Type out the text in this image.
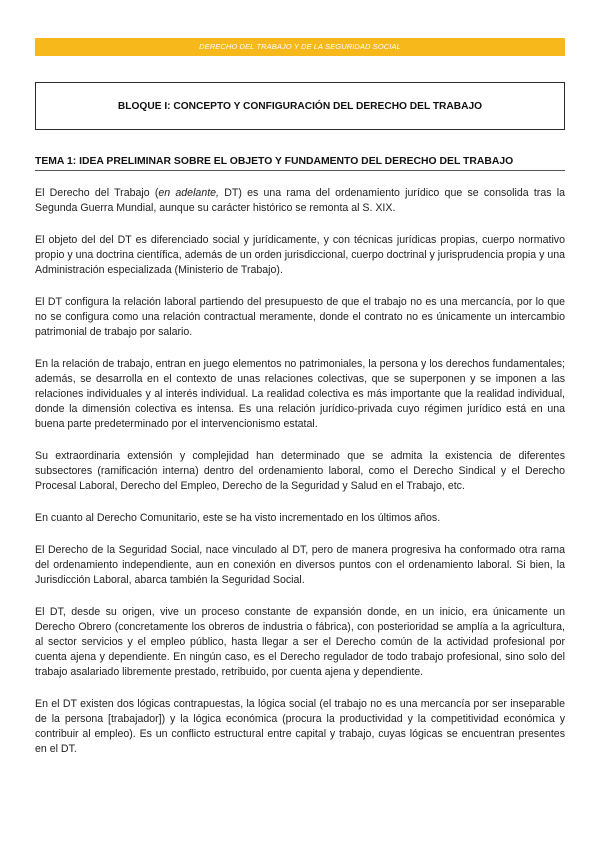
DERECHO DEL TRABAJO Y DE LA SEGURIDAD SOCIAL
BLOQUE I: CONCEPTO Y CONFIGURACIÓN DEL DERECHO DEL TRABAJO
TEMA 1: IDEA PRELIMINAR SOBRE EL OBJETO Y FUNDAMENTO DEL DERECHO DEL TRABAJO

El Derecho del Trabajo (en adelante, DT) es una rama del ordenamiento jurídico que se consolida tras la Segunda Guerra Mundial, aunque su carácter histórico se remonta al S. XIX.

El objeto del del DT es diferenciado social y jurídicamente, y con técnicas jurídicas propias, cuerpo normativo propio y una doctrina científica, además de un orden jurisdiccional, cuerpo doctrinal y jurisprudencia propia y una Administración especializada (Ministerio de Trabajo).

El DT configura la relación laboral partiendo del presupuesto de que el trabajo no es una mercancía, por lo que no se configura como una relación contractual meramente, donde el contrato no es únicamente un intercambio patrimonial de trabajo por salario.

En la relación de trabajo, entran en juego elementos no patrimoniales, la persona y los derechos fundamentales; además, se desarrolla en el contexto de unas relaciones colectivas, que se superponen y se imponen a las relaciones individuales y al interés individual. La realidad colectiva es más importante que la realidad individual, donde la dimensión colectiva es intensa. Es una relación jurídico-privada cuyo régimen jurídico está en una buena parte predeterminado por el intervencionismo estatal.

Su extraordinaria extensión y complejidad han determinado que se admita la existencia de diferentes subsectores (ramificación interna) dentro del ordenamiento laboral, como el Derecho Sindical y el Derecho Procesal Laboral, Derecho del Empleo, Derecho de la Seguridad y Salud en el Trabajo, etc.

En cuanto al Derecho Comunitario, este se ha visto incrementado en los últimos años.

El Derecho de la Seguridad Social, nace vinculado al DT, pero de manera progresiva ha conformado otra rama del ordenamiento independiente, aun en conexión en diversos puntos con el ordenamiento laboral. Si bien, la Jurisdicción Laboral, abarca también la Seguridad Social.

El DT, desde su origen, vive un proceso constante de expansión donde, en un inicio, era únicamente un Derecho Obrero (concretamente los obreros de industria o fábrica), con posterioridad se amplía a la agricultura, al sector servicios y el empleo público, hasta llegar a ser el Derecho común de la actividad profesional por cuenta ajena y dependiente. En ningún caso, es el Derecho regulador de todo trabajo profesional, sino solo del trabajo asalariado libremente prestado, retribuido, por cuenta ajena y dependiente.

En el DT existen dos lógicas contrapuestas, la lógica social (el trabajo no es una mercancía por ser inseparable de la persona [trabajador]) y la lógica económica (procura la productividad y la competitividad económica y contribuir al empleo). Es un conflicto estructural entre capital y trabajo, cuyas lógicas se encuentran presentes en el DT.
